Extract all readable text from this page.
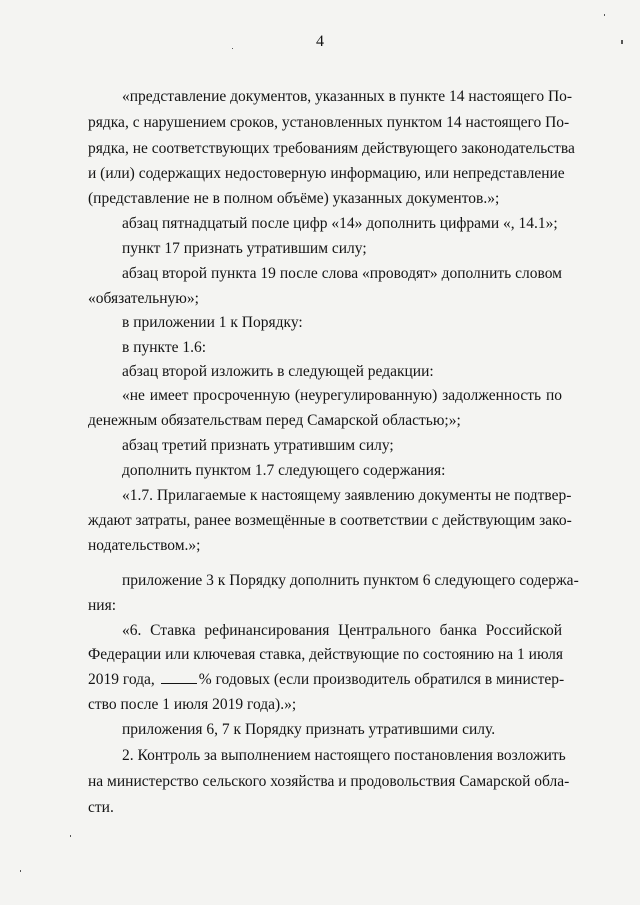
4
«представление документов, указанных в пункте 14 настоящего По-
рядка, с нарушением сроков, установленных пунктом 14 настоящего По-
рядка, не соответствующих требованиям действующего законодательства
и (или) содержащих недостоверную информацию, или непредставление
(представление не в полном объёме) указанных документов.»;
абзац пятнадцатый после цифр «14» дополнить цифрами «, 14.1»;
пункт 17 признать утратившим силу;
абзац второй пункта 19 после слова «проводят» дополнить словом
«обязательную»;
в приложении 1 к Порядку:
в пункте 1.6:
абзац второй изложить в следующей редакции:
«не имеет просроченную (неурегулированную) задолженность по
денежным обязательствам перед Самарской областью;»;
абзац третий признать утратившим силу;
дополнить пунктом 1.7 следующего содержания:
«1.7. Прилагаемые к настоящему заявлению документы не подтвер-
ждают затраты, ранее возмещённые в соответствии с действующим зако-
нодательством.»;
приложение 3 к Порядку дополнить пунктом 6 следующего содержа-
ния:
«6. Ставка рефинансирования Центрального банка Российской
Федерации или ключевая ставка, действующие по состоянию на 1 июля
2019 года,	% годовых (если производитель обратился в министер-
ство после 1 июля 2019 года).»;
приложения 6, 7 к Порядку признать утратившими силу.
2. Контроль за выполнением настоящего постановления возложить
на министерство сельского хозяйства и продовольствия Самарской обла-
сти.
